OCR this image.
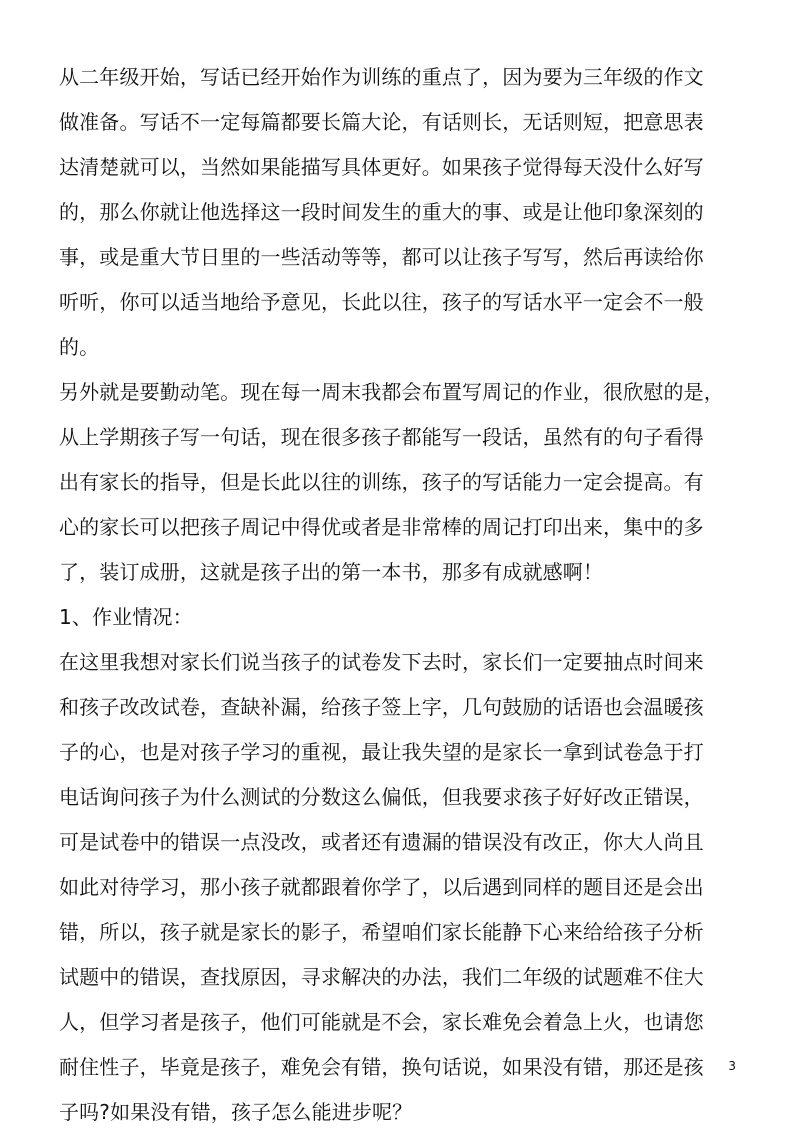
从二年级开始，写话已经开始作为训练的重点了，因为要为三年级的作文
做准备。写话不一定每篇都要长篇大论，有话则长，无话则短，把意思表
达清楚就可以，当然如果能描写具体更好。如果孩子觉得每天没什么好写
的，那么你就让他选择这一段时间发生的重大的事、或是让他印象深刻的
事，或是重大节日里的一些活动等等，都可以让孩子写写，然后再读给你
听听，你可以适当地给予意见，长此以往，孩子的写话水平一定会不一般
的。
另外就是要勤动笔。现在每一周末我都会布置写周记的作业，很欣慰的是，
从上学期孩子写一句话，现在很多孩子都能写一段话，虽然有的句子看得
出有家长的指导，但是长此以往的训练，孩子的写话能力一定会提高。有
心的家长可以把孩子周记中得优或者是非常棒的周记打印出来，集中的多
了，装订成册，这就是孩子出的第一本书，那多有成就感啊！
1、作业情况：
在这里我想对家长们说当孩子的试卷发下去时，家长们一定要抽点时间来
和孩子改改试卷，查缺补漏，给孩子签上字，几句鼓励的话语也会温暖孩
子的心，也是对孩子学习的重视，最让我失望的是家长一拿到试卷急于打
电话询问孩子为什么测试的分数这么偏低，但我要求孩子好好改正错误，
可是试卷中的错误一点没改，或者还有遗漏的错误没有改正，你大人尚且
如此对待学习，那小孩子就都跟着你学了，以后遇到同样的题目还是会出
错，所以，孩子就是家长的影子，希望咱们家长能静下心来给给孩子分析
试题中的错误，查找原因，寻求解决的办法，我们二年级的试题难不住大
人，但学习者是孩子，他们可能就是不会，家长难免会着急上火，也请您
耐住性子，毕竟是孩子，难免会有错，换句话说，如果没有错，那还是孩
子吗?如果没有错，孩子怎么能进步呢？
3
